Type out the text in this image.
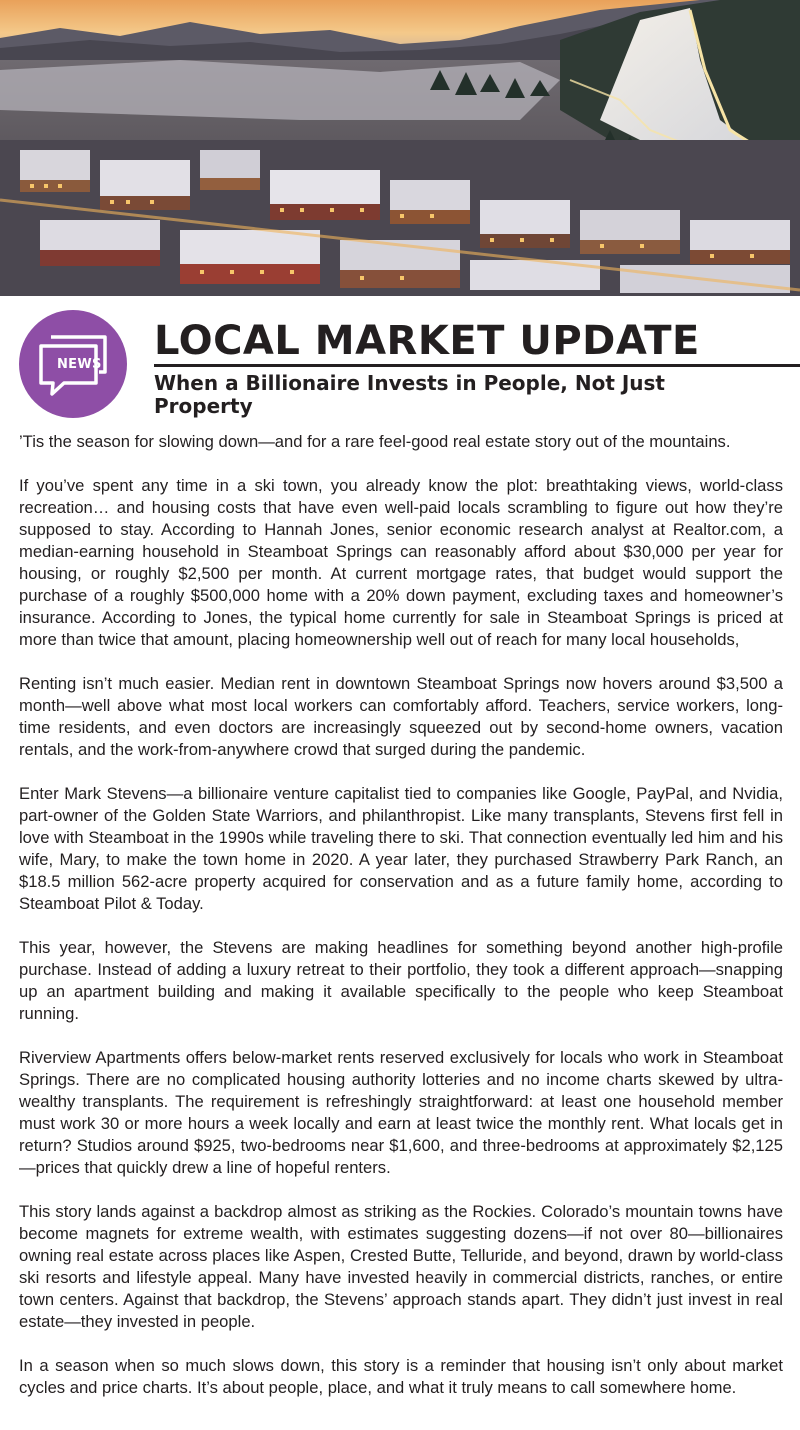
NEWS
LOCAL MARKET UPDATE
When a Billionaire Invests in People, Not Just Property

’Tis the season for slowing down—and for a rare feel-good real estate story out of the mountains.

If you’ve spent any time in a ski town, you already know the plot: breathtaking views, world-class recreation… and housing costs that have even well-paid locals scrambling to figure out how they’re supposed to stay. According to Hannah Jones, senior economic research analyst at Realtor.com, a median-earning household in Steamboat Springs can reasonably afford about $30,000 per year for housing, or roughly $2,500 per month. At current mortgage rates, that budget would support the purchase of a roughly $500,000 home with a 20% down payment, excluding taxes and homeowner’s insurance. According to Jones, the typical home currently for sale in Steamboat Springs is priced at more than twice that amount, placing homeownership well out of reach for many local households,

Renting isn’t much easier. Median rent in downtown Steamboat Springs now hovers around $3,500 a month—well above what most local workers can comfortably afford. Teachers, service workers, long-time residents, and even doctors are increasingly squeezed out by second-home owners, vacation rentals, and the work-from-anywhere crowd that surged during the pandemic.

Enter Mark Stevens—a billionaire venture capitalist tied to companies like Google, PayPal, and Nvidia, part-owner of the Golden State Warriors, and philanthropist. Like many transplants, Stevens first fell in love with Steamboat in the 1990s while traveling there to ski. That connection eventually led him and his wife, Mary, to make the town home in 2020. A year later, they purchased Strawberry Park Ranch, an $18.5 million 562-acre property acquired for conservation and as a future family home, according to Steamboat Pilot & Today.

This year, however, the Stevens are making headlines for something beyond another high-profile purchase. Instead of adding a luxury retreat to their portfolio, they took a different approach—snapping up an apartment building and making it available specifically to the people who keep Steamboat running.

Riverview Apartments offers below-market rents reserved exclusively for locals who work in Steamboat Springs. There are no complicated housing authority lotteries and no income charts skewed by ultra-wealthy transplants. The requirement is refreshingly straightforward: at least one household member must work 30 or more hours a week locally and earn at least twice the monthly rent. What locals get in return? Studios around $925, two-bedrooms near $1,600, and three-bedrooms at approximately $2,125—prices that quickly drew a line of hopeful renters.

This story lands against a backdrop almost as striking as the Rockies. Colorado’s mountain towns have become magnets for extreme wealth, with estimates suggesting dozens—if not over 80—billionaires owning real estate across places like Aspen, Crested Butte, Telluride, and beyond, drawn by world-class ski resorts and lifestyle appeal. Many have invested heavily in commercial districts, ranches, or entire town centers. Against that backdrop, the Stevens’ approach stands apart. They didn’t just invest in real estate—they invested in people.

In a season when so much slows down, this story is a reminder that housing isn’t only about market cycles and price charts. It’s about people, place, and what it truly means to call somewhere home.
